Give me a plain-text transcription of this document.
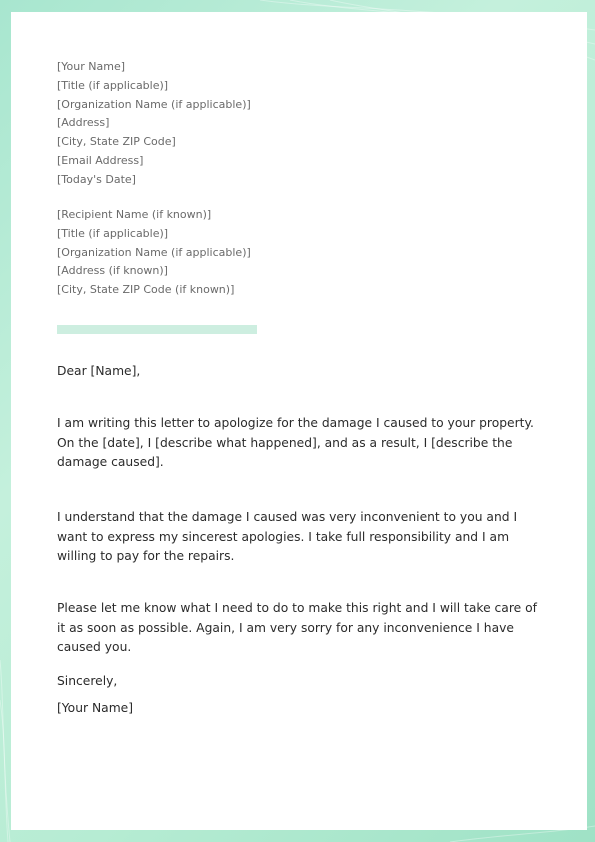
[Your Name]
[Title (if applicable)]
[Organization Name (if applicable)]
[Address]
[City, State ZIP Code]
[Email Address]
[Today's Date]
[Recipient Name (if known)]
[Title (if applicable)]
[Organization Name (if applicable)]
[Address (if known)]
[City, State ZIP Code (if known)]

Dear [Name],

I am writing this letter to apologize for the damage I caused to your property. On the [date], I [describe what happened], and as a result, I [describe the damage caused].

I understand that the damage I caused was very inconvenient to you and I want to express my sincerest apologies. I take full responsibility and I am willing to pay for the repairs.

Please let me know what I need to do to make this right and I will take care of it as soon as possible. Again, I am very sorry for any inconvenience I have caused you.

Sincerely,

[Your Name]
